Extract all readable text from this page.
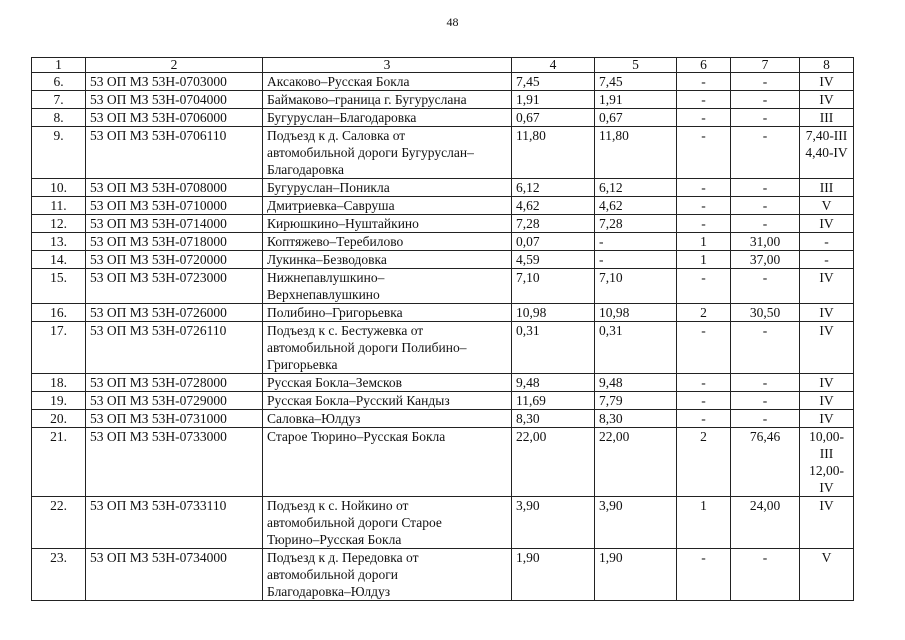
48
1	2	3	4	5	6	7	8
6.	53 ОП МЗ 53Н-0703000	Аксаково–Русская Бокла	7,45	7,45	-	-	IV
7.	53 ОП МЗ 53Н-0704000	Баймаково–граница г. Бугуруслана	1,91	1,91	-	-	IV
8.	53 ОП МЗ 53Н-0706000	Бугуруслан–Благодаровка	0,67	0,67	-	-	III
9.	53 ОП МЗ 53Н-0706110	Подъезд к д. Саловка от
автомобильной дороги Бугуруслан–
Благодаровка	11,80	11,80	-	-	7,40-III
4,40-IV
10.	53 ОП МЗ 53Н-0708000	Бугуруслан–Поникла	6,12	6,12	-	-	III
11.	53 ОП МЗ 53Н-0710000	Дмитриевка–Савруша	4,62	4,62	-	-	V
12.	53 ОП МЗ 53Н-0714000	Кирюшкино–Нуштайкино	7,28	7,28	-	-	IV
13.	53 ОП МЗ 53Н-0718000	Коптяжево–Теребилово	0,07	-	1	31,00	-
14.	53 ОП МЗ 53Н-0720000	Лукинка–Безводовка	4,59	-	1	37,00	-
15.	53 ОП МЗ 53Н-0723000	Нижнепавлушкино–
Верхнепавлушкино	7,10	7,10	-	-	IV
16.	53 ОП МЗ 53Н-0726000	Полибино–Григорьевка	10,98	10,98	2	30,50	IV
17.	53 ОП МЗ 53Н-0726110	Подъезд к с. Бестужевка от
автомобильной дороги Полибино–
Григорьевка	0,31	0,31	-	-	IV
18.	53 ОП МЗ 53Н-0728000	Русская Бокла–Земсков	9,48	9,48	-	-	IV
19.	53 ОП МЗ 53Н-0729000	Русская Бокла–Русский Кандыз	11,69	7,79	-	-	IV
20.	53 ОП МЗ 53Н-0731000	Саловка–Юлдуз	8,30	8,30	-	-	IV
21.	53 ОП МЗ 53Н-0733000	Старое Тюрино–Русская Бокла	22,00	22,00	2	76,46	10,00-III
12,00-IV
22.	53 ОП МЗ 53Н-0733110	Подъезд к с. Нойкино от
автомобильной дороги Старое
Тюрино–Русская Бокла	3,90	3,90	1	24,00	IV
23.	53 ОП МЗ 53Н-0734000	Подъезд к д. Передовка от
автомобильной дороги
Благодаровка–Юлдуз	1,90	1,90	-	-	V
